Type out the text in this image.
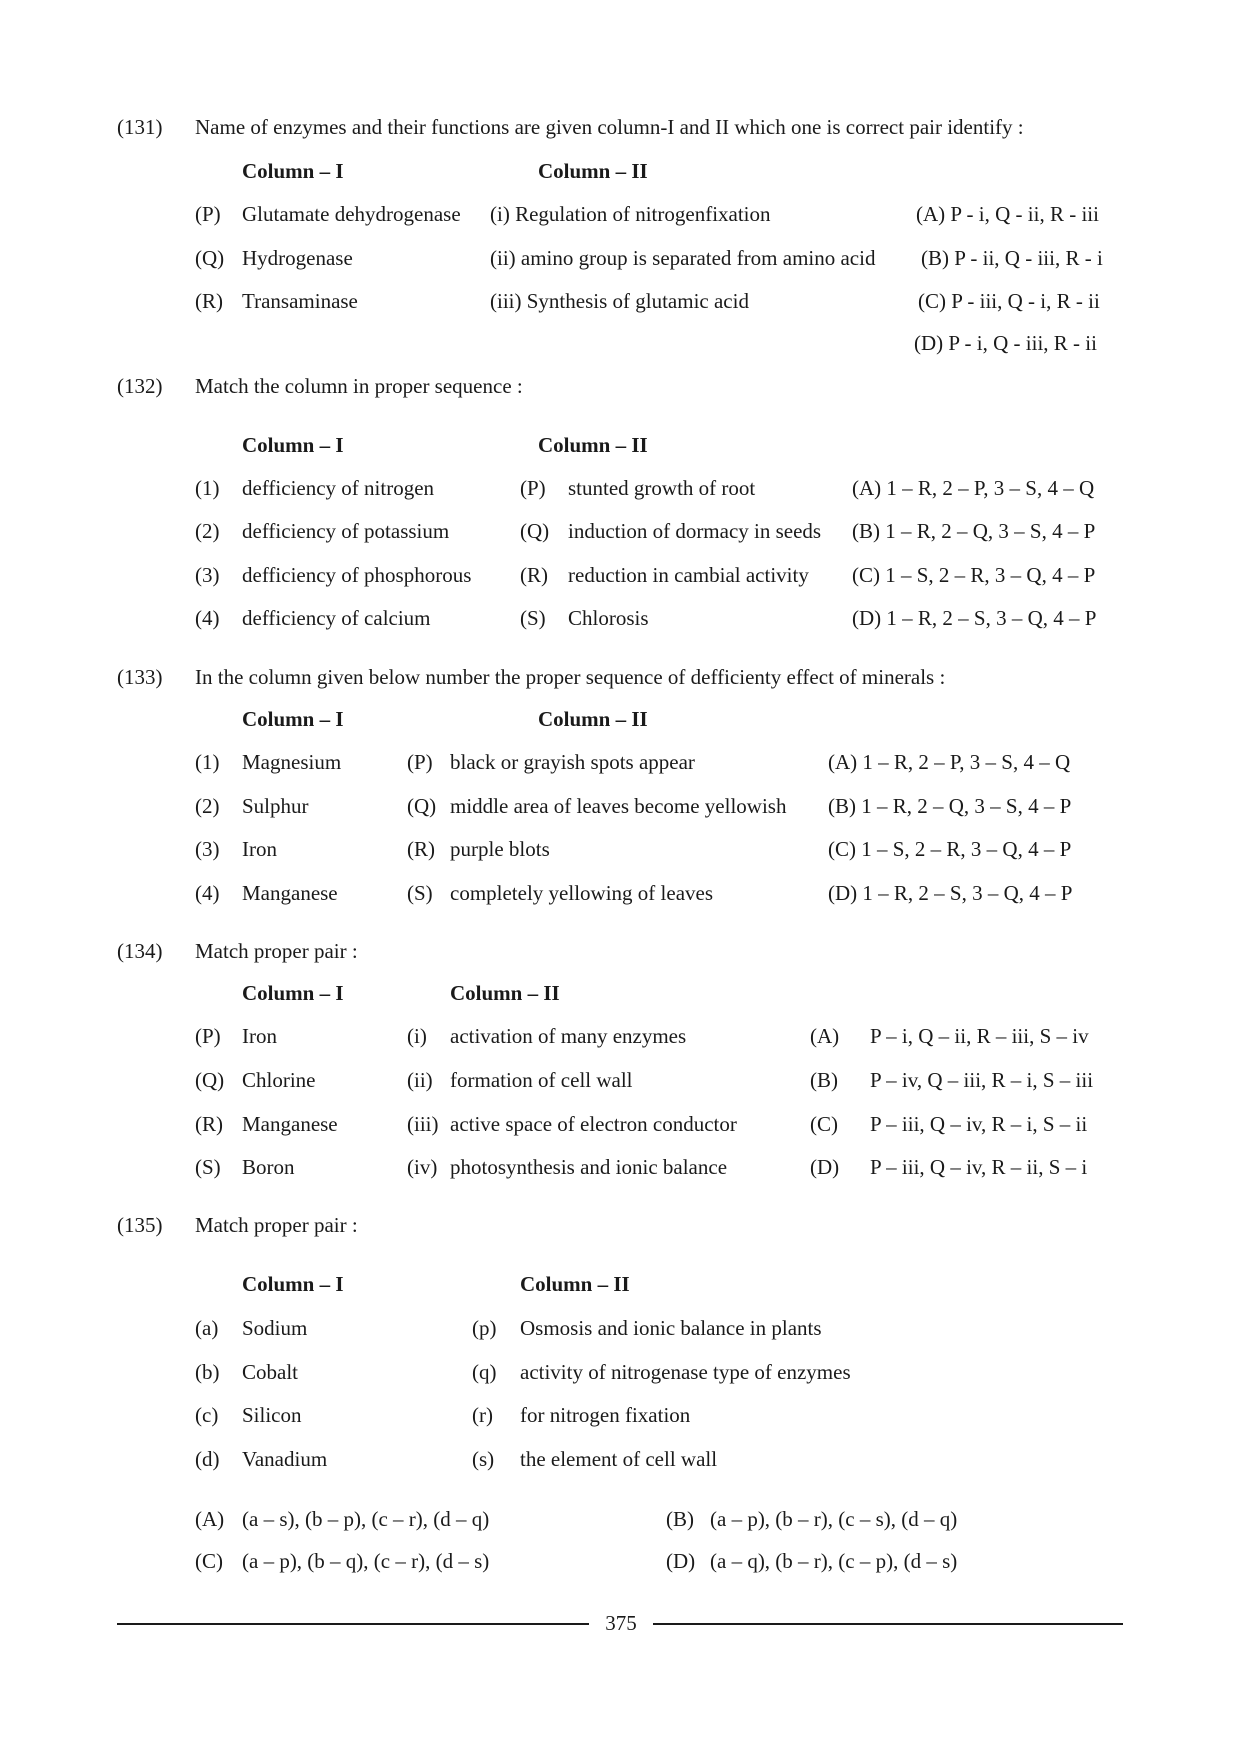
(131) Name of enzymes and their functions are given column-I and II which one is correct pair identify :
Column – I	Column – II
(P) Glutamate dehydrogenase (i) Regulation of nitrogenfixation	(A) P - i, Q - ii, R - iii
(Q) Hydrogenase	(ii) amino group is separated from amino acid (B) P - ii, Q - iii, R - i
(R) Transaminase	(iii) Synthesis of glutamic acid	(C) P - iii, Q - i, R - ii
(D) P - i, Q - iii, R - ii
(132) Match the column in proper sequence :
Column – I	Column – II
(1) defficiency of nitrogen	(P) stunted growth of root	(A) 1 – R, 2 – P, 3 – S, 4 – Q
(2) defficiency of potassium	(Q) induction of dormacy in seeds (B) 1 – R, 2 – Q, 3 – S, 4 – P
(3) defficiency of phosphorous (R) reduction in cambial activity (C) 1 – S, 2 – R, 3 – Q, 4 – P
(4) defficiency of calcium	(S) Chlorosis	(D) 1 – R, 2 – S, 3 – Q, 4 – P
(133) In the column given below number the proper sequence of defficienty effect of minerals :
Column – I	Column – II
(1) Magnesium	(P) black or grayish spots appear	(A) 1 – R, 2 – P, 3 – S, 4 – Q
(2) Sulphur	(Q) middle area of leaves become yellowish (B) 1 – R, 2 – Q, 3 – S, 4 – P
(3) Iron	(R) purple blots	(C) 1 – S, 2 – R, 3 – Q, 4 – P
(4) Manganese	(S) completely yellowing of leaves	(D) 1 – R, 2 – S, 3 – Q, 4 – P
(134) Match proper pair :
Column – I	Column – II
(P) Iron	(i) activation of many enzymes	(A) P – i, Q – ii, R – iii, S – iv
(Q) Chlorine	(ii) formation of cell wall	(B) P – iv, Q – iii, R – i, S – iii
(R) Manganese	(iii) active space of electron conductor	(C) P – iii, Q – iv, R – i, S – ii
(S) Boron	(iv) photosynthesis and ionic balance	(D) P – iii, Q – iv, R – ii, S – i
(135) Match proper pair :
Column – I	Column – II
(a) Sodium	(p) Osmosis and ionic balance in plants
(b) Cobalt	(q) activity of nitrogenase type of enzymes
(c) Silicon	(r) for nitrogen fixation
(d) Vanadium	(s) the element of cell wall
(A) (a – s), (b – p), (c – r), (d – q)	(B) (a – p), (b – r), (c – s), (d – q)
(C) (a – p), (b – q), (c – r), (d – s)	(D) (a – q), (b – r), (c – p), (d – s)
375
